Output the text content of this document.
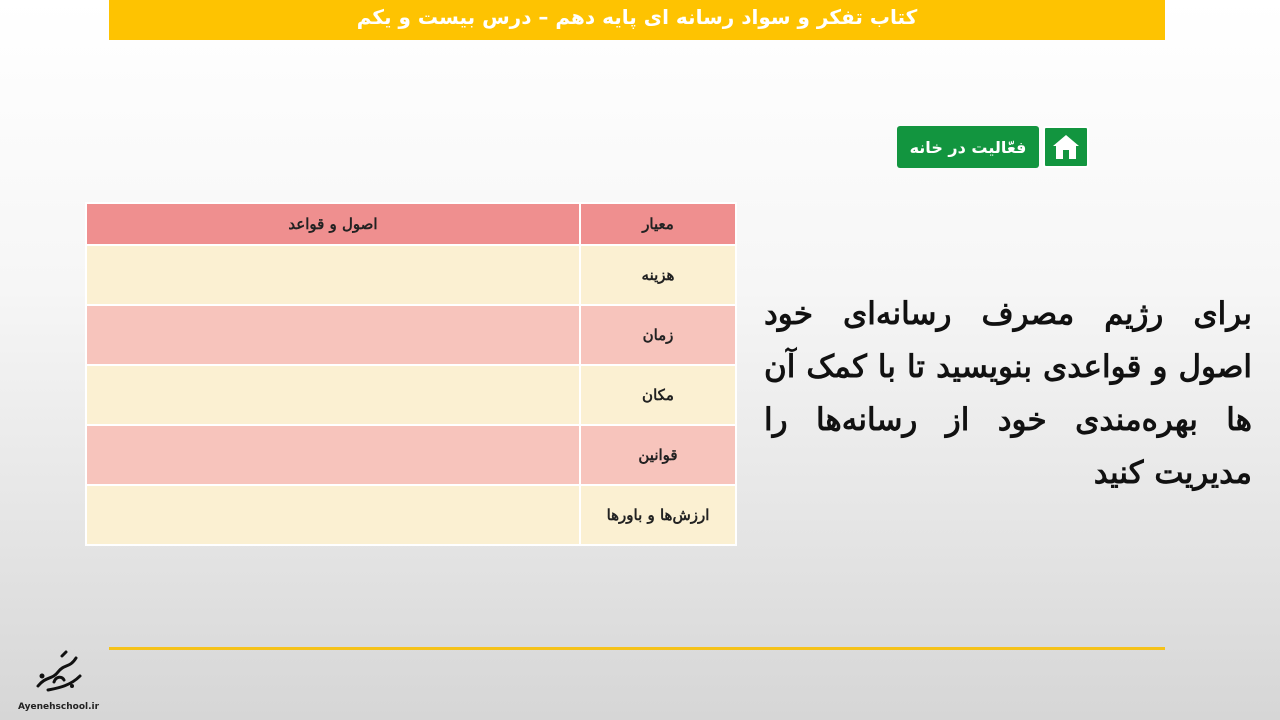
کتاب تفکر و سواد رسانه ای پایه دهم – درس بیست و یکم
فعّالیت در خانه
معیار	اصول و قواعد
هزینه	
زمان	
مکان	
قوانین	
ارزش‌ها و باورها	
برای رژیم مصرف رسانه‌ای خود اصول و قواعدی بنویسید تا با کمک آن ها بهره‌مندی خود از رسانه‌ها را مدیریت کنید
Ayenehschool.ir
